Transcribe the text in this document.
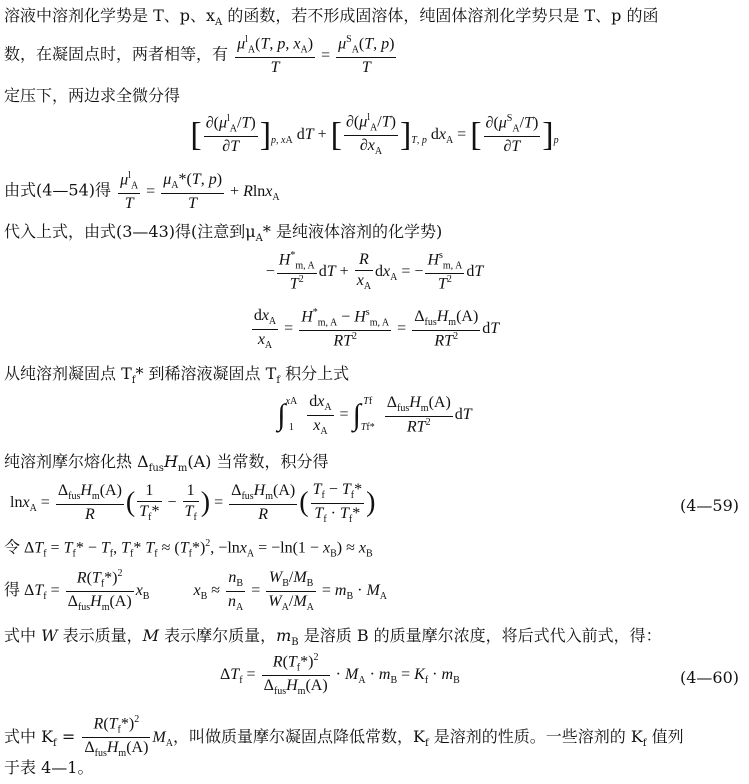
溶液中溶剂化学势是 T、p、$x_A$ 的函数，若不形成固溶体，纯固体溶剂化学势只是 T、p 的函
数，在凝固点时，两者相等，有 $\frac{\mu^l_A(T, p, x_A)}{T} = \frac{\mu^S_A(T, p)}{T}$
定压下，两边求全微分得
[ $\frac{\partial(\mu^l_A/T)}{\partial T} ]_{p, xA}$ dT + [ $\frac{\partial(\mu^l_A/T)}{\partial x_A} ]_{T, p}$ $dx_A$ = [ $\frac{\partial(\mu^S_A/T)}{\partial T} ]_p$
由式(4—54)得 $\frac{\mu^l_A}{T} = \frac{\mu_A*(T, p)}{T} + Rlnx_A$
代入上式，由式(3—43)得(注意到$\mu_A*$ 是纯液体溶剂的化学势)
− $\frac{H^*_{m, A}}{T^2}$ dT + $\frac{R}{x_A} dx_A$ = − $\frac{H^s_{m, A}}{T^2}$ dT
$\frac{dx_A}{x_A} = \frac{H^*_{m, A} - H^s_{m, A}}{RT^2} = \frac{\Delta_{fus}H_m(A)}{RT^2}$ dT
从纯溶剂凝固点 $T_f*$ 到稀溶液凝固点 $T_f$ 积分上式
∫ xA
1
$\frac{dx_A}{x_A}$ = ∫ Tf
Tf*
$\frac{\Delta_{fus}H_m(A)}{RT^2}$ dT
纯溶剂摩尔熔化热 $\Delta_{fus}H_m(A)$ 当常数，积分得
$\ln x_A = \frac{\Delta_{fus}H_m(A)}{R}$ ( $\frac{1}{T_f*} - \frac{1}{T_f}$ ) = $\frac{\Delta_{fus}H_m(A)}{R}$ ( $\frac{T_f - T_f*}{T_f \cdot T_f*}$ )	(4—59)
令 $\Delta T_f = T_f* - T_f$, $T_f*$ $T_f \approx (T_f*)^2$, $-\ln x_A = -\ln(1 - x_B) \approx x_B$
得 $\Delta T_f = \frac{R(T_f*)^2}{\Delta_{fus}H_m(A)} x_B$	$x_B \approx \frac{n_B}{n_A} = \frac{W_B/M_B}{W_A/M_A} = m_B \cdot M_A$
式中 W 表示质量，M 表示摩尔质量，$m_B$ 是溶质 B 的质量摩尔浓度，将后式代入前式，得：
$\Delta T_f = \frac{R(T_f*)^2}{\Delta_{fus}H_m(A)} \cdot M_A \cdot m_B = K_f \cdot m_B$	(4—60)
式中 $K_f = \frac{R(T_f*)^2}{\Delta_{fus}H_m(A)} M_A$，叫做质量摩尔凝固点降低常数，$K_f$ 是溶剂的性质。一些溶剂的 $K_f$ 值列
于表 4—1。
